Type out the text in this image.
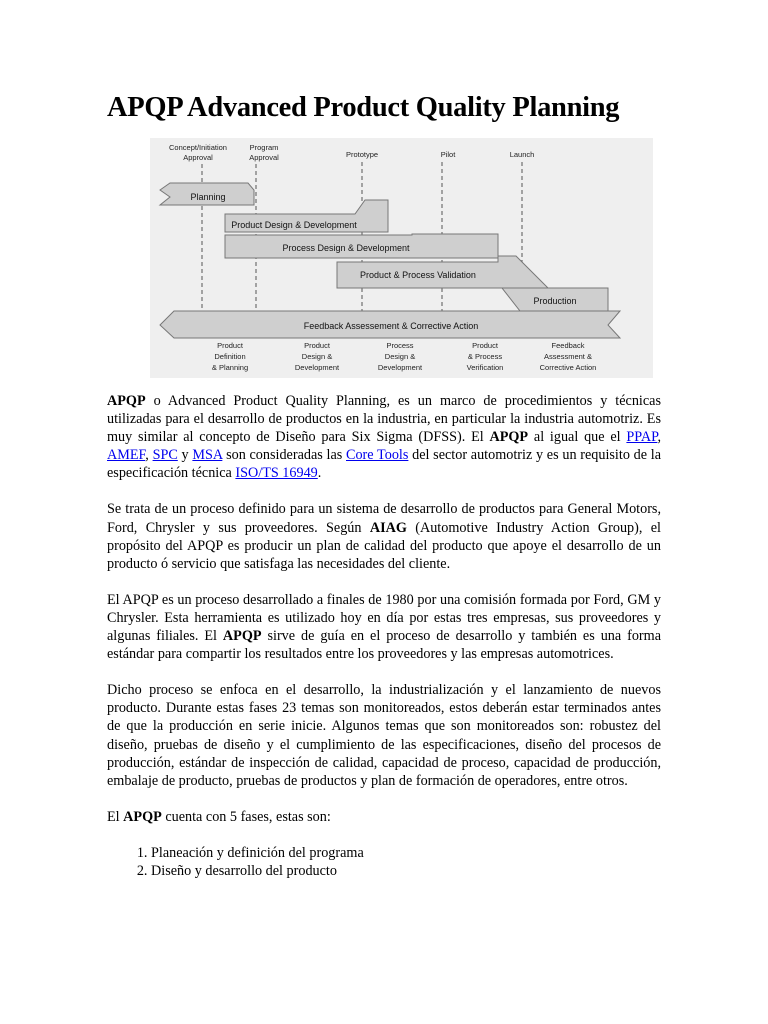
APQP Advanced Product Quality Planning
Concept/Initiation
Approval
Program
Approval	Prototype	Pilot	Launch
Planning
Product Design & Development
Process Design & Development
Product & Process Validation
Production
Feedback Assessement & Corrective Action
Product
Definition
& Planning
Product
Design &
Development
Process
Design &
Development
Product
& Process
Verification
Feedback
Assessment &
Corrective Action

APQP o Advanced Product Quality Planning, es un marco de procedimientos y técnicas utilizadas para el desarrollo de productos en la industria, en particular la industria automotriz. Es muy similar al concepto de Diseño para Six Sigma (DFSS). El APQP al igual que el PPAP, AMEF, SPC y MSA son consideradas las Core Tools del sector automotriz y es un requisito de la especificación técnica ISO/TS 16949.

Se trata de un proceso definido para un sistema de desarrollo de productos para General Motors, Ford, Chrysler y sus proveedores. Según AIAG (Automotive Industry Action Group), el propósito del APQP es producir un plan de calidad del producto que apoye el desarrollo de un producto ó servicio que satisfaga las necesidades del cliente.

El APQP es un proceso desarrollado a finales de 1980 por una comisión formada por Ford, GM y Chrysler. Esta herramienta es utilizado hoy en día por estas tres empresas, sus proveedores y algunas filiales. El APQP sirve de guía en el proceso de desarrollo y también es una forma estándar para compartir los resultados entre los proveedores y las empresas automotrices.

Dicho proceso se enfoca en el desarrollo, la industrialización y el lanzamiento de nuevos producto. Durante estas fases 23 temas son monitoreados, estos deberán estar terminados antes de que la producción en serie inicie. Algunos temas que son monitoreados son: robustez del diseño, pruebas de diseño y el cumplimiento de las especificaciones, diseño del procesos de producción, estándar de inspección de calidad, capacidad de proceso, capacidad de producción, embalaje de producto, pruebas de productos y plan de formación de operadores, entre otros.

El APQP cuenta con 5 fases, estas son:

1. Planeación y definición del programa
2. Diseño y desarrollo del producto
